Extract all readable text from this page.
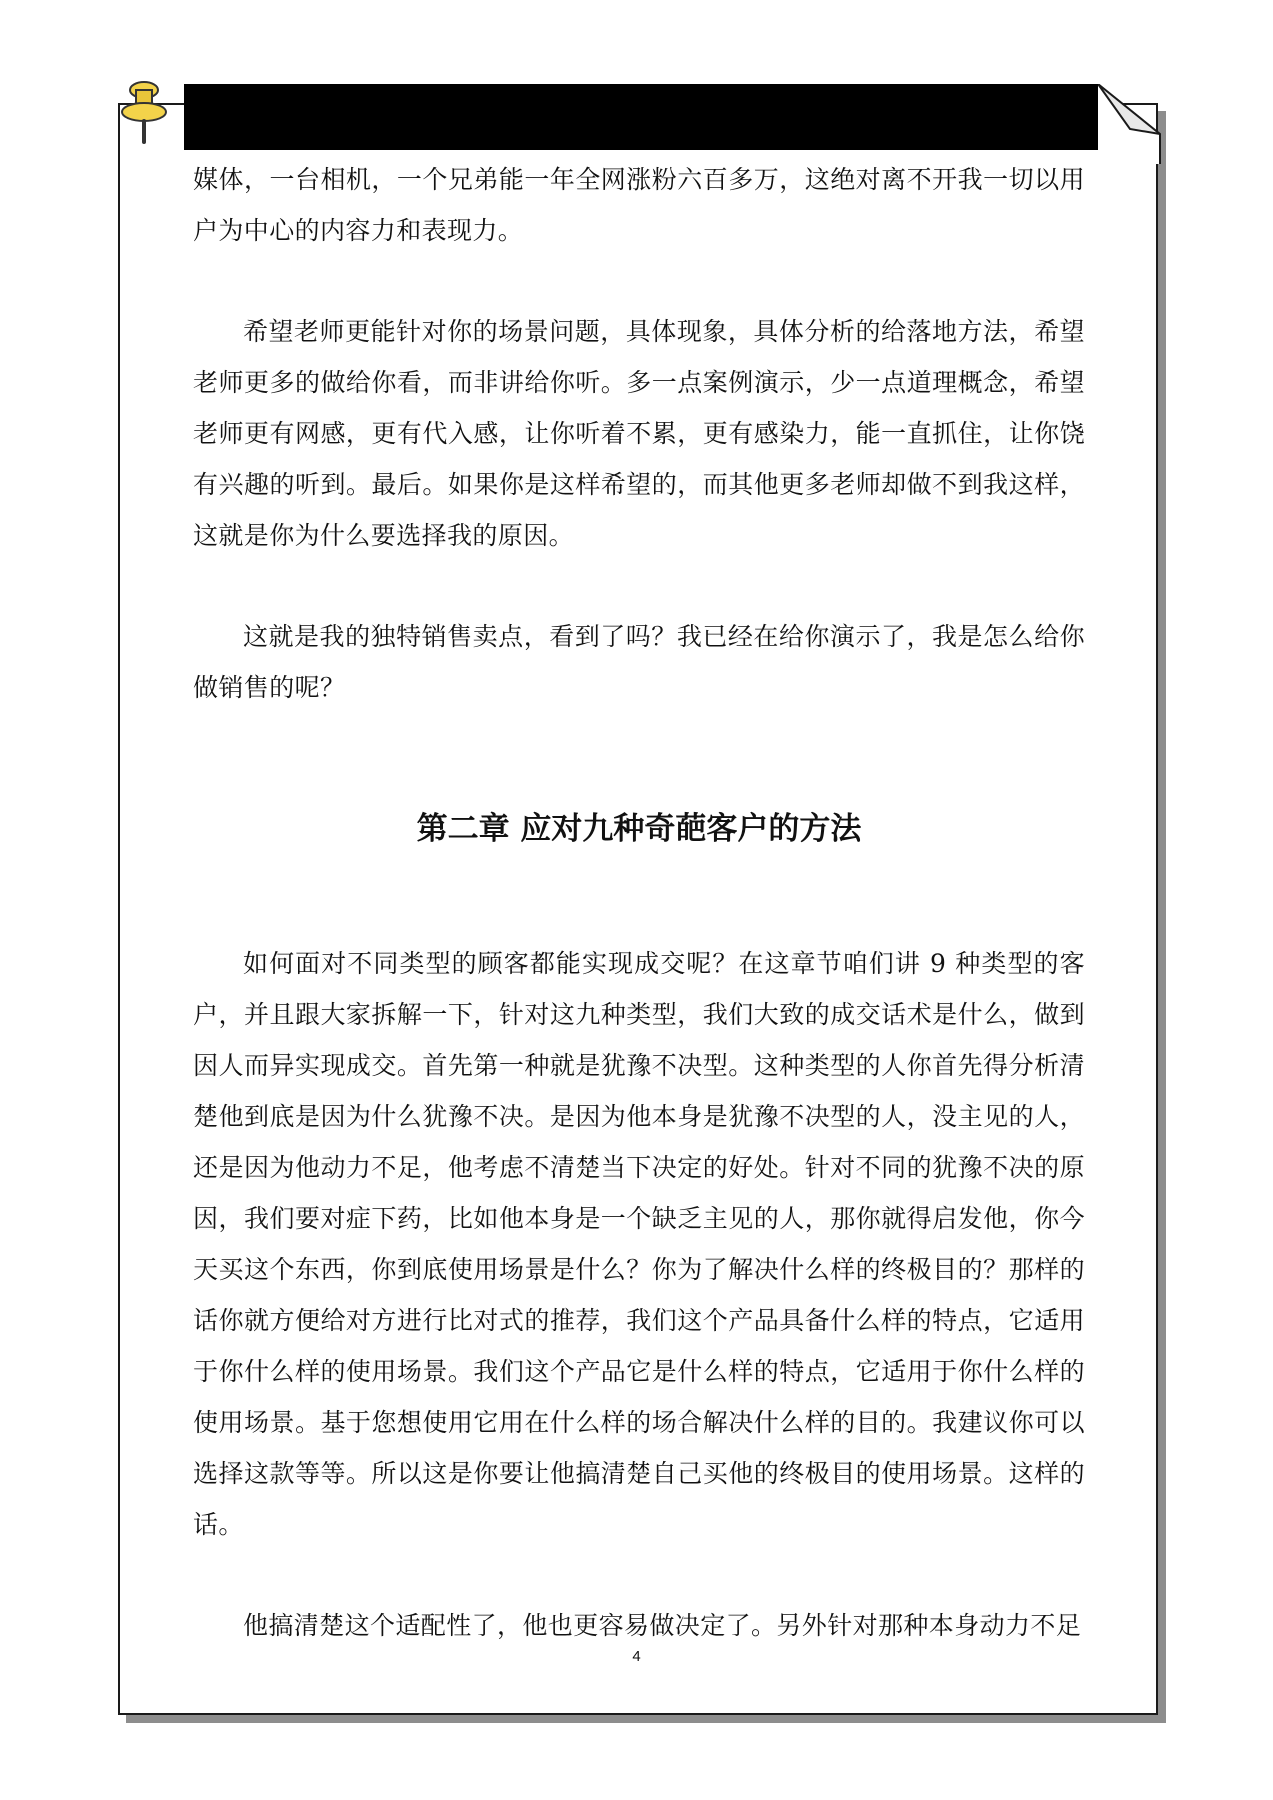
媒体，一台相机，一个兄弟能一年全网涨粉六百多万，这绝对离不开我一切以用户为中心的内容力和表现力。

希望老师更能针对你的场景问题，具体现象，具体分析的给落地方法，希望老师更多的做给你看，而非讲给你听。多一点案例演示，少一点道理概念，希望老师更有网感，更有代入感，让你听着不累，更有感染力，能一直抓住，让你饶有兴趣的听到。最后。如果你是这样希望的，而其他更多老师却做不到我这样，这就是你为什么要选择我的原因。

这就是我的独特销售卖点，看到了吗？我已经在给你演示了，我是怎么给你做销售的呢？

第二章 应对九种奇葩客户的方法

如何面对不同类型的顾客都能实现成交呢？在这章节咱们讲 9 种类型的客户，并且跟大家拆解一下，针对这九种类型，我们大致的成交话术是什么，做到因人而异实现成交。首先第一种就是犹豫不决型。这种类型的人你首先得分析清楚他到底是因为什么犹豫不决。是因为他本身是犹豫不决型的人，没主见的人，还是因为他动力不足，他考虑不清楚当下决定的好处。针对不同的犹豫不决的原因，我们要对症下药，比如他本身是一个缺乏主见的人，那你就得启发他，你今天买这个东西，你到底使用场景是什么？你为了解决什么样的终极目的？那样的话你就方便给对方进行比对式的推荐，我们这个产品具备什么样的特点，它适用于你什么样的使用场景。我们这个产品它是什么样的特点，它适用于你什么样的使用场景。基于您想使用它用在什么样的场合解决什么样的目的。我建议你可以选择这款等等。所以这是你要让他搞清楚自己买他的终极目的使用场景。这样的话。

他搞清楚这个适配性了，他也更容易做决定了。另外针对那种本身动力不足

4
